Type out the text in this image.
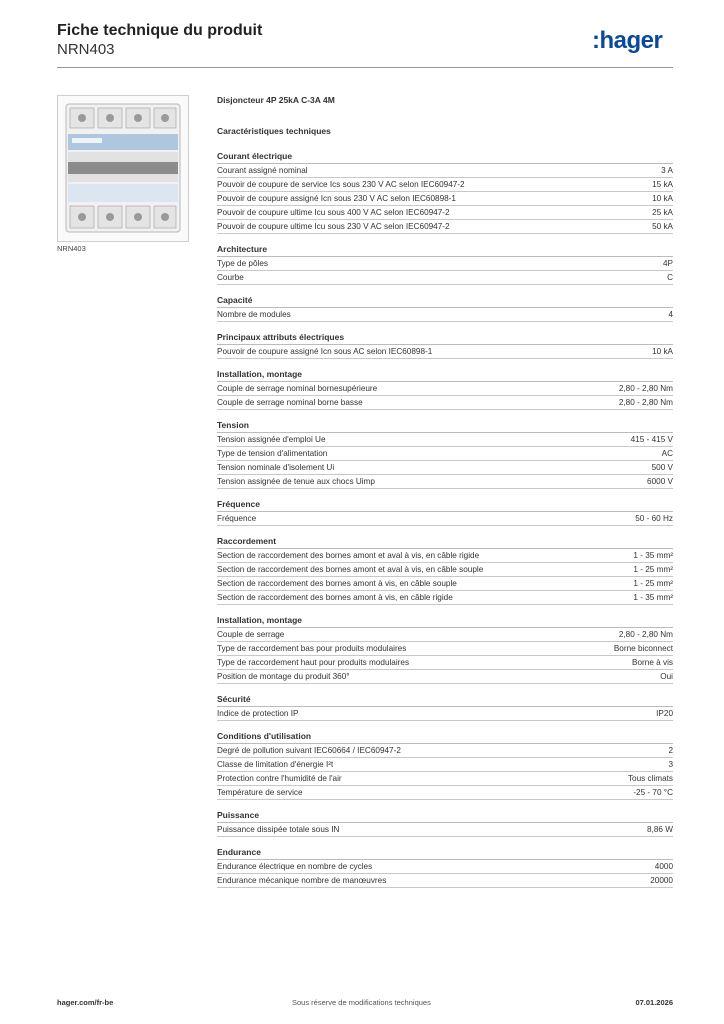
Fiche technique du produit
NRN403	:hager
NRN403
Disjoncteur 4P 25kA C-3A 4M
Caractéristiques techniques
Courant électrique
Courant assigné nominal	3 A
Pouvoir de coupure de service Ics sous 230 V AC selon IEC60947-2	15 kA
Pouvoir de coupure assigné Icn sous 230 V AC selon IEC60898-1	10 kA
Pouvoir de coupure ultime Icu sous 400 V AC selon IEC60947-2	25 kA
Pouvoir de coupure ultime Icu sous 230 V AC selon IEC60947-2	50 kA
Architecture
Type de pôles	4P
Courbe	C
Capacité
Nombre de modules	4
Principaux attributs électriques
Pouvoir de coupure assigné Icn sous AC selon IEC60898-1	10 kA
Installation, montage
Couple de serrage nominal bornesupérieure	2,80 - 2,80 Nm
Couple de serrage nominal borne basse	2,80 - 2,80 Nm
Tension
Tension assignée d'emploi Ue	415 - 415 V
Type de tension d'alimentation	AC
Tension nominale d'isolement Ui	500 V
Tension assignée de tenue aux chocs Uimp	6000 V
Fréquence
Fréquence	50 - 60 Hz
Raccordement
Section de raccordement des bornes amont et aval à vis, en câble rigide	1 - 35 mm²
Section de raccordement des bornes amont et aval à vis, en câble souple	1 - 25 mm²
Section de raccordement des bornes amont à vis, en câble souple	1 - 25 mm²
Section de raccordement des bornes amont à vis, en câble rigide	1 - 35 mm²
Installation, montage
Couple de serrage	2,80 - 2,80 Nm
Type de raccordement bas pour produits modulaires	Borne biconnect
Type de raccordement haut pour produits modulaires	Borne à vis
Position de montage du produit 360°	Oui
Sécurité
Indice de protection IP	IP20
Conditions d'utilisation
Degré de pollution suivant IEC60664 / IEC60947-2	2
Classe de limitation d'énergie I²t	3
Protection contre l'humidité de l'air	Tous climats
Température de service	-25 - 70 °C
Puissance
Puissance dissipée totale sous IN	8,86 W
Endurance
Endurance électrique en nombre de cycles	4000
Endurance mécanique nombre de manœuvres	20000
hager.com/fr-be	Sous réserve de modifications techniques	07.01.2026
